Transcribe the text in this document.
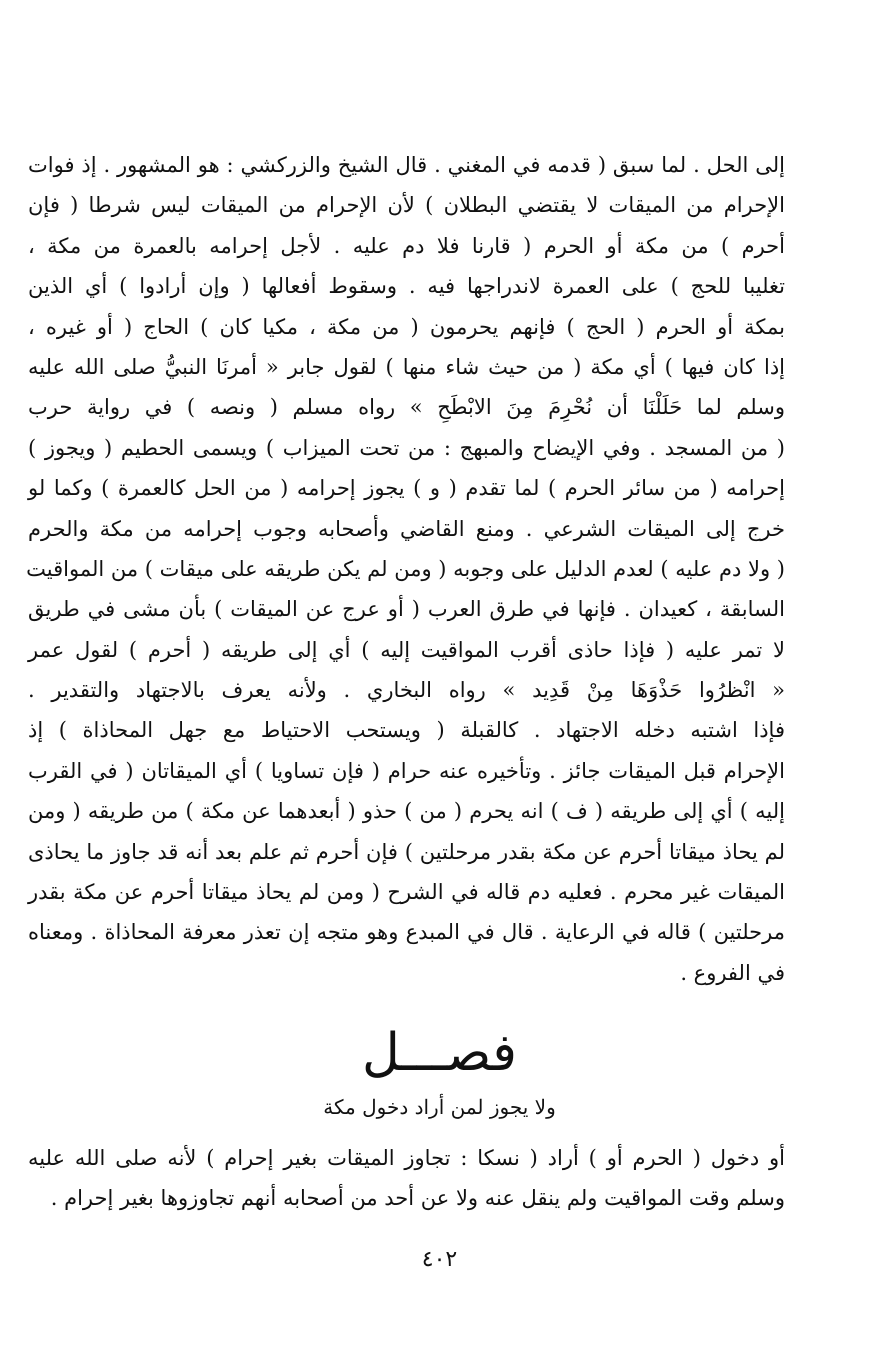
إلى الحل . لما سبق ( قدمه في المغني . قال الشيخ والزركشي : هو المشهور . إذ فوات
الإحرام من الميقات لا يقتضي البطلان ) لأن الإحرام من الميقات ليس شرطا ( فإن
أحرم ) من مكة أو الحرم ( قارنا فلا دم عليه . لأجل إحرامه بالعمرة من مكة ،
تغليبا للحج ) على العمرة لاندراجها فيه . وسقوط أفعالها ( وإن أرادوا ) أي الذين
بمكة أو الحرم ( الحج ) فإنهم يحرمون ( من مكة ، مكيا كان ) الحاج ( أو غيره ،
إذا كان فيها ) أي مكة ( من حيث شاء منها ) لقول جابر « أمرنَا النبيُّ صلى الله عليه
وسلم لما حَلَلْنَا أن نُحْرِمَ مِنَ الابْطَحِ » رواه مسلم ( ونصه ) في رواية حرب
( من المسجد . وفي الإيضاح والمبهج : من تحت الميزاب ) ويسمى الحطيم ( ويجوز )
إحرامه ( من سائر الحرم ) لما تقدم ( و ) يجوز إحرامه ( من الحل كالعمرة ) وكما لو
خرج إلى الميقات الشرعي . ومنع القاضي وأصحابه وجوب إحرامه من مكة والحرم
( ولا دم عليه ) لعدم الدليل على وجوبه ( ومن لم يكن طريقه على ميقات ) من المواقيت
السابقة ، كعيدان . فإنها في طرق العرب ( أو عرج عن الميقات ) بأن مشى في طريق
لا تمر عليه ( فإذا حاذى أقرب المواقيت إليه ) أي إلى طريقه ( أحرم ) لقول عمر
« انْظرُوا حَذْوَهَا مِنْ قَدِيد » رواه البخاري . ولأنه يعرف بالاجتهاد والتقدير .
فإذا اشتبه دخله الاجتهاد . كالقبلة ( ويستحب الاحتياط مع جهل المحاذاة ) إذ
الإحرام قبل الميقات جائز . وتأخيره عنه حرام ( فإن تساويا ) أي الميقاتان ( في القرب
إليه ) أي إلى طريقه ( ف ) انه يحرم ( من ) حذو ( أبعدهما عن مكة ) من طريقه ( ومن
لم يحاذ ميقاتا أحرم عن مكة بقدر مرحلتين ) فإن أحرم ثم علم بعد أنه قد جاوز ما يحاذى
الميقات غير محرم . فعليه دم قاله في الشرح ( ومن لم يحاذ ميقاتا أحرم عن مكة بقدر
مرحلتين ) قاله في الرعاية . قال في المبدع وهو متجه إن تعذر معرفة المحاذاة . ومعناه
في الفروع .
فصـــل
ولا يجوز لمن أراد دخول مكة
أو دخول ( الحرم أو ) أراد ( نسكا : تجاوز الميقات بغير إحرام ) لأنه صلى الله عليه
وسلم وقت المواقيت ولم ينقل عنه ولا عن أحد من أصحابه أنهم تجاوزوها بغير إحرام .
٤٠٢
